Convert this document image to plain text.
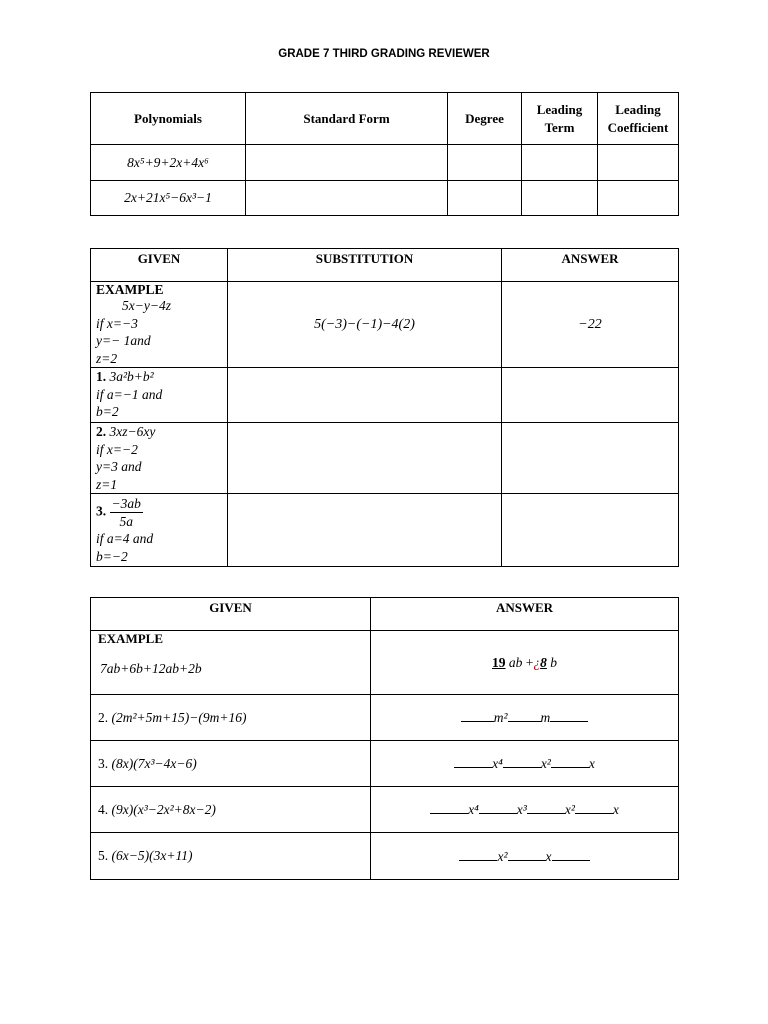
GRADE 7 THIRD GRADING REVIEWER
Polynomials	Standard Form	Degree	Leading Term	Leading Coefficient
8x⁵+9+2x+4x⁶				
2x+21x⁵−6x³−1				
GIVEN	SUBSTITUTION	ANSWER

EXAMPLE
5x−y−4z
if x=−3
y=− 1and
z=2	5(−3)−(−1)−4(2)	−22

1. 3a²b+b²
if a=−1 and
b=2		

2. 3xz−6xy
if x=−2
y=3 and
z=1		

3. $\frac{-3ab}{5a}$
if a=4 and
b=−2		

GIVEN	ANSWER

EXAMPLE
7ab+6b+12ab+2b	19 ab +¿8 b
2. (2m²+5m+15)−(9m+16)	m² m
3. (8x)(7x³−4x−6)	x⁴ x² x
4. (9x)(x³−2x²+8x−2)	x⁴ x³ x² x
5. (6x−5)(3x+11)	x² x
